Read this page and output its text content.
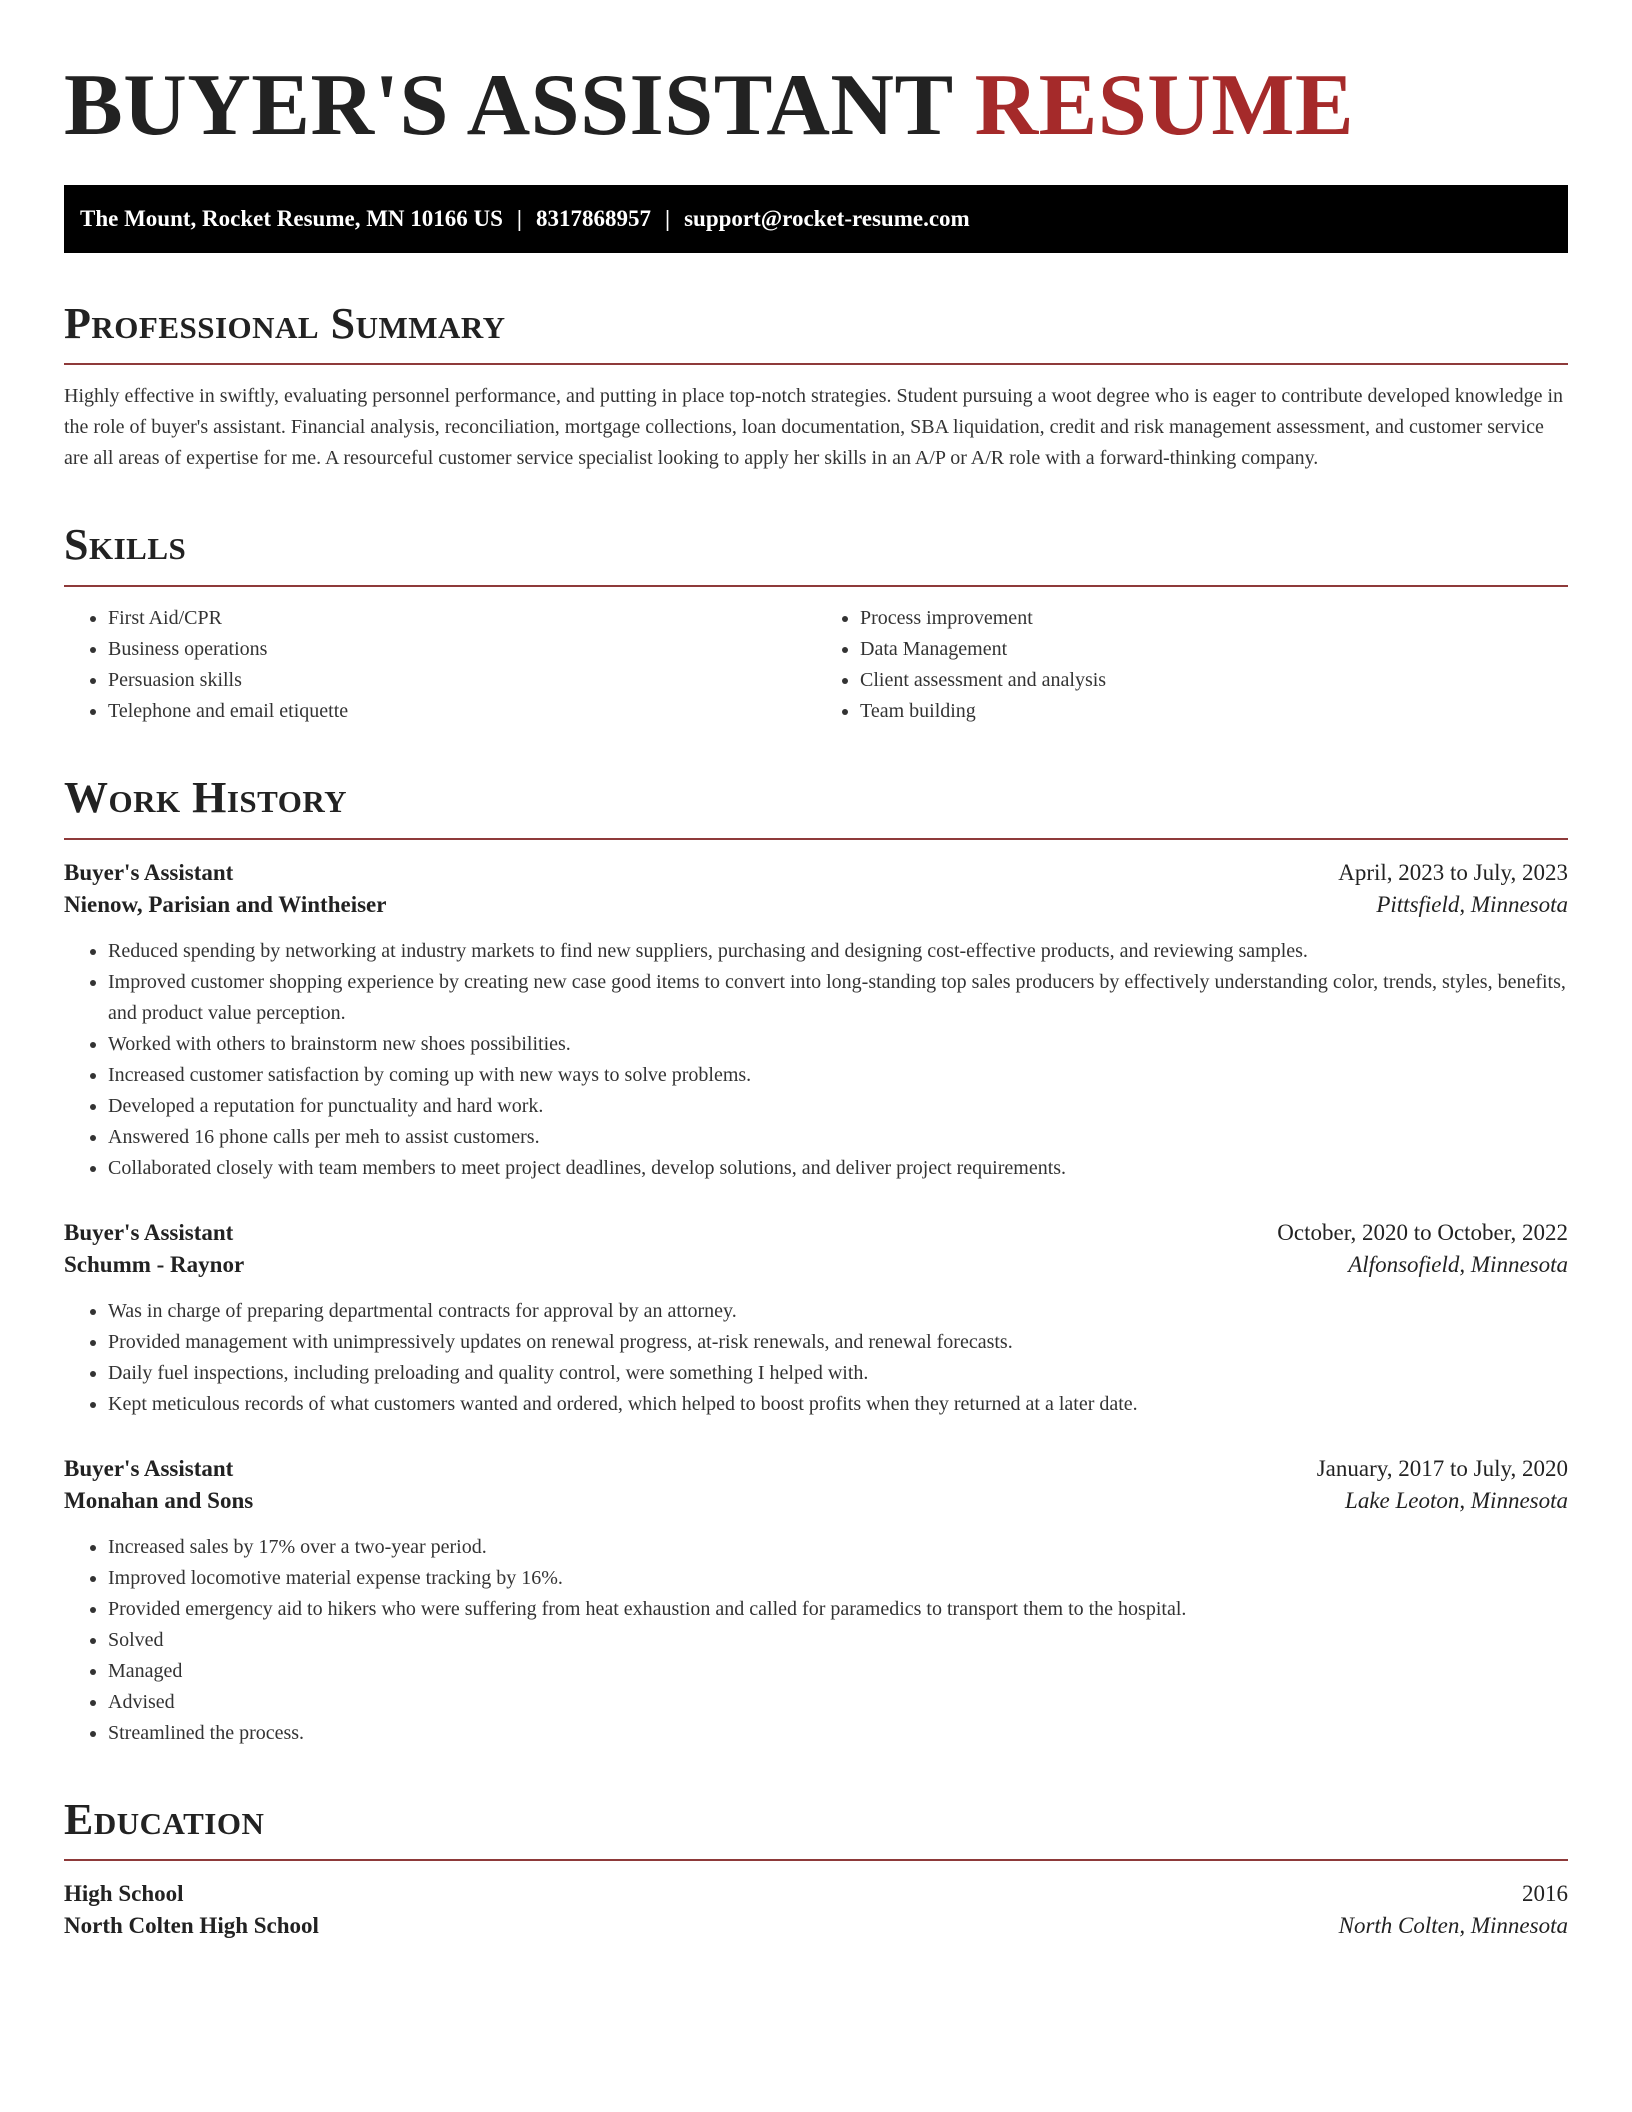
BUYER'S ASSISTANT RESUME
The Mount, Rocket Resume, MN 10166 US | 8317868957 | support@rocket-resume.com
Professional Summary

Highly effective in swiftly, evaluating personnel performance, and putting in place top-notch strategies. Student pursuing a woot degree who is eager to contribute developed knowledge in the role of buyer's assistant. Financial analysis, reconciliation, mortgage collections, loan documentation, SBA liquidation, credit and risk management assessment, and customer service are all areas of expertise for me. A resourceful customer service specialist looking to apply her skills in an A/P or A/R role with a forward-thinking company.

Skills
• First Aid/CPR
• Business operations
• Persuasion skills
• Telephone and email etiquette
• Process improvement
• Data Management
• Client assessment and analysis
• Team building
Work History
Buyer's Assistant	April, 2023 to July, 2023
Nienow, Parisian and Wintheiser	Pittsfield, Minnesota
• Reduced spending by networking at industry markets to find new suppliers, purchasing and designing cost-effective products, and reviewing samples.
• Improved customer shopping experience by creating new case good items to convert into long-standing top sales producers by effectively understanding color, trends, styles, benefits, and product value perception.
• Worked with others to brainstorm new shoes possibilities.
• Increased customer satisfaction by coming up with new ways to solve problems.
• Developed a reputation for punctuality and hard work.
• Answered 16 phone calls per meh to assist customers.
• Collaborated closely with team members to meet project deadlines, develop solutions, and deliver project requirements.
Buyer's Assistant	October, 2020 to October, 2022
Schumm - Raynor	Alfonsofield, Minnesota
• Was in charge of preparing departmental contracts for approval by an attorney.
• Provided management with unimpressively updates on renewal progress, at-risk renewals, and renewal forecasts.
• Daily fuel inspections, including preloading and quality control, were something I helped with.
• Kept meticulous records of what customers wanted and ordered, which helped to boost profits when they returned at a later date.
Buyer's Assistant	January, 2017 to July, 2020
Monahan and Sons	Lake Leoton, Minnesota
• Increased sales by 17% over a two-year period.
• Improved locomotive material expense tracking by 16%.
• Provided emergency aid to hikers who were suffering from heat exhaustion and called for paramedics to transport them to the hospital.
• Solved
• Managed
• Advised
• Streamlined the process.
Education
High School	2016
North Colten High School	North Colten, Minnesota
